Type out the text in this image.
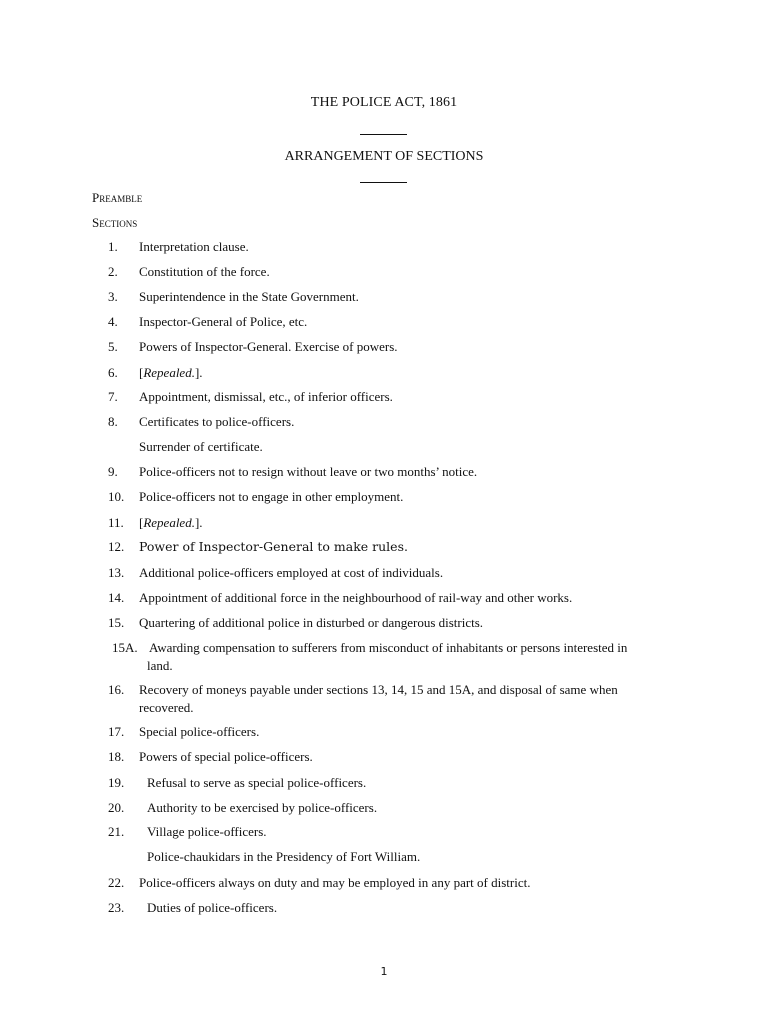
THE POLICE ACT, 1861
ARRANGEMENT OF SECTIONS
Preamble
Sections
1.	Interpretation clause.
2.	Constitution of the force.
3.	Superintendence in the State Government.
4.	Inspector-General of Police, etc.
5.	Powers of Inspector-General. Exercise of powers.
6.	[Repealed.].
7.	Appointment, dismissal, etc., of inferior officers.
8.	Certificates to police-officers.
Surrender of certificate.
9.	Police-officers not to resign without leave or two months’ notice.
10.	Police-officers not to engage in other employment.
11.	[Repealed.].
12.	Power of Inspector-General to make rules.
13.	Additional police-officers employed at cost of individuals.
14.	Appointment of additional force in the neighbourhood of rail-way and other works.
15.	Quartering of additional police in disturbed or dangerous districts.
15A. Awarding compensation to sufferers from misconduct of inhabitants or persons interested in
land.
16.	Recovery of moneys payable under sections 13, 14, 15 and 15A, and disposal of same when
recovered.
17.	Special police-officers.
18.	Powers of special police-officers.
19.	Refusal to serve as special police-officers.
20.	Authority to be exercised by police-officers.
21.	Village police-officers.
Police-chaukidars in the Presidency of Fort William.
22.	Police-officers always on duty and may be employed in any part of district.
23.	Duties of police-officers.
1
